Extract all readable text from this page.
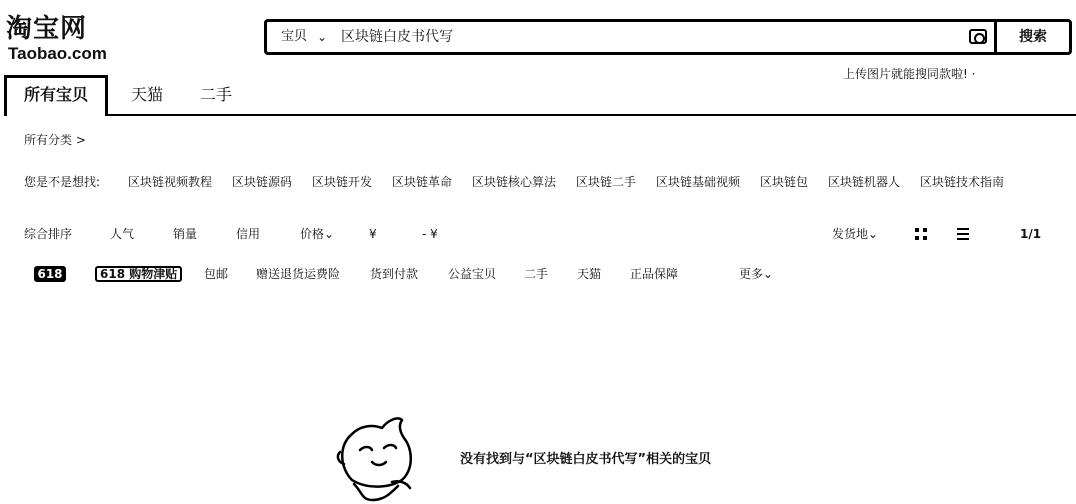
淘宝网
Taobao.com
宝贝 ⌄ 区块链白皮书代写	搜索
上传图片就能搜同款啦! ·
所有宝贝	天猫	二手
所有分类 >
您是不是想找: 区块链视频教程 区块链源码 区块链开发 区块链革命 区块链核心算法 区块链二手 区块链基础视频 区块链包 区块链机器人 区块链技术指南
综合排序	人气	销量	信用	价格⌄	¥	- ¥	发货地⌄	1/1
618	618 购物津贴	包邮 赠送退货运费险 货到付款 公益宝贝 二手 天猫 正品保障	更多⌄
没有找到与“区块链白皮书代写”相关的宝贝
